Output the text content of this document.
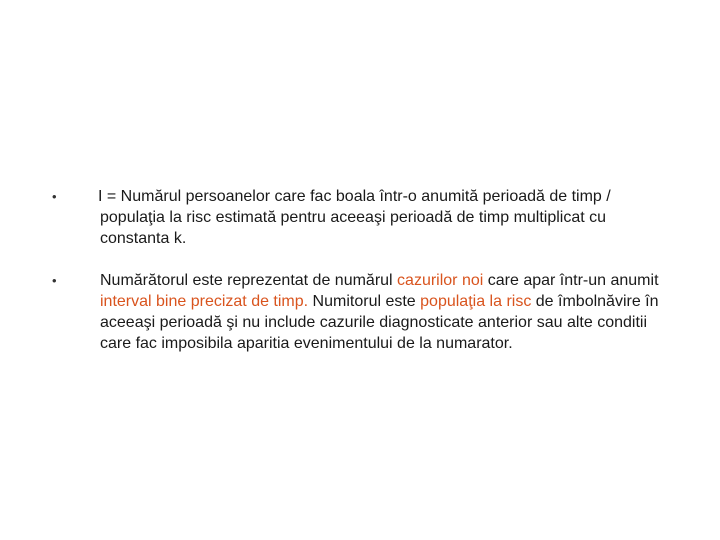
•	I = Numărul persoanelor care fac boala într‑o anumită perioadă de timp / populaţia la risc estimată pentru aceeaşi perioadă de timp multiplicat cu constanta k.
•	Numărătorul este reprezentat de numărul cazurilor noi care apar într‑un anumit interval bine precizat de timp. Numitorul este populaţia la risc de îmbolnăvire în aceeaşi perioadă şi nu include cazurile diagnosticate anterior sau alte conditii care fac imposibila aparitia evenimentului de la numarator.
